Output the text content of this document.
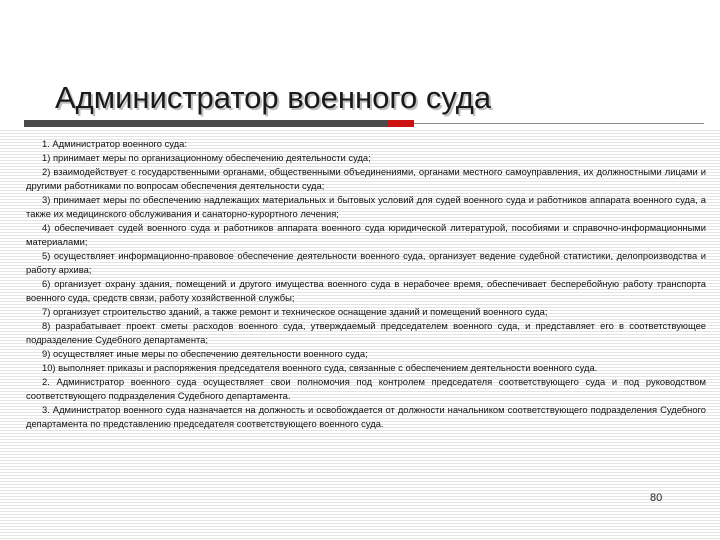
Администратор военного суда

1. Администратор военного суда:

1) принимает меры по организационному обеспечению деятельности суда;

2) взаимодействует с государственными органами, общественными объединениями, органами местного самоуправления, их должностными лицами и другими работниками по вопросам обеспечения деятельности суда;

3) принимает меры по обеспечению надлежащих материальных и бытовых условий для судей военного суда и работников аппарата военного суда, а также их медицинского обслуживания и санаторно-курортного лечения;

4) обеспечивает судей военного суда и работников аппарата военного суда юридической литературой, пособиями и справочно-информационными материалами;

5) осуществляет информационно-правовое обеспечение деятельности военного суда, организует ведение судебной статистики, делопроизводства и работу архива;

6) организует охрану здания, помещений и другого имущества военного суда в нерабочее время, обеспечивает бесперебойную работу транспорта военного суда, средств связи, работу хозяйственной службы;

7) организует строительство зданий, а также ремонт и техническое оснащение зданий и помещений военного суда;

8) разрабатывает проект сметы расходов военного суда, утверждаемый председателем военного суда, и представляет его в соответствующее подразделение Судебного департамента;

9) осуществляет иные меры по обеспечению деятельности военного суда;

10) выполняет приказы и распоряжения председателя военного суда, связанные с обеспечением деятельности военного суда.

2. Администратор военного суда осуществляет свои полномочия под контролем председателя соответствующего суда и под руководством соответствующего подразделения Судебного департамента.

3. Администратор военного суда назначается на должность и освобождается от должности начальником соответствующего подразделения Судебного департамента по представлению председателя соответствующего военного суда.

80
